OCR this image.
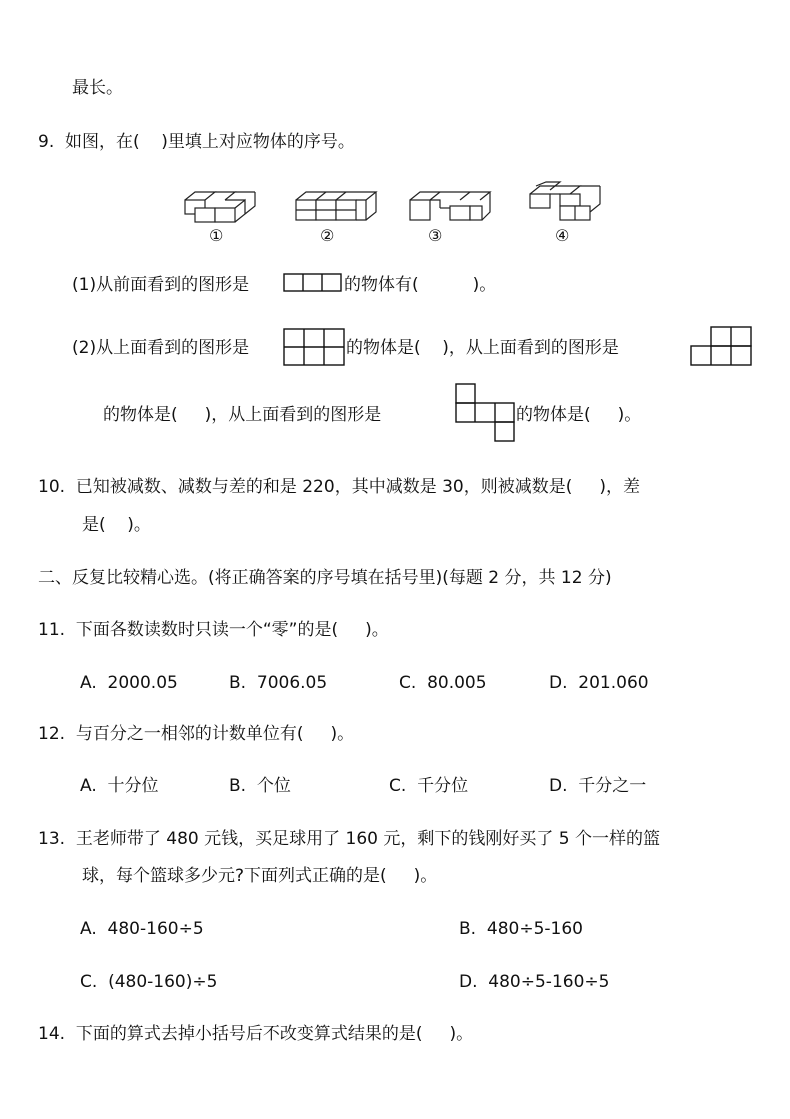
最长。
9.  如图，在(    )里填上对应物体的序号。
①	②	③	④
(1)从前面看到的图形是	的物体有(          )。
(2)从上面看到的图形是	的物体是(    )，从上面看到的图形是
的物体是(     )，从上面看到的图形是	的物体是(     )。
10.  已知被减数、减数与差的和是 220，其中减数是 30，则被减数是(     )，差
是(    )。
二、反复比较精心选。(将正确答案的序号填在括号里)(每题 2 分，共 12 分)
11.  下面各数读数时只读一个“零”的是(     )。
A.  2000.05	B.  7006.05	C.  80.005	D.  201.060
12.  与百分之一相邻的计数单位有(     )。
A.  十分位	B.  个位	C.  千分位	D.  千分之一
13.  王老师带了 480 元钱，买足球用了 160 元，剩下的钱刚好买了 5 个一样的篮
球，每个篮球多少元?下面列式正确的是(     )。
A.  480-160÷5	B.  480÷5-160
C.  (480-160)÷5	D.  480÷5-160÷5
14.  下面的算式去掉小括号后不改变算式结果的是(     )。
